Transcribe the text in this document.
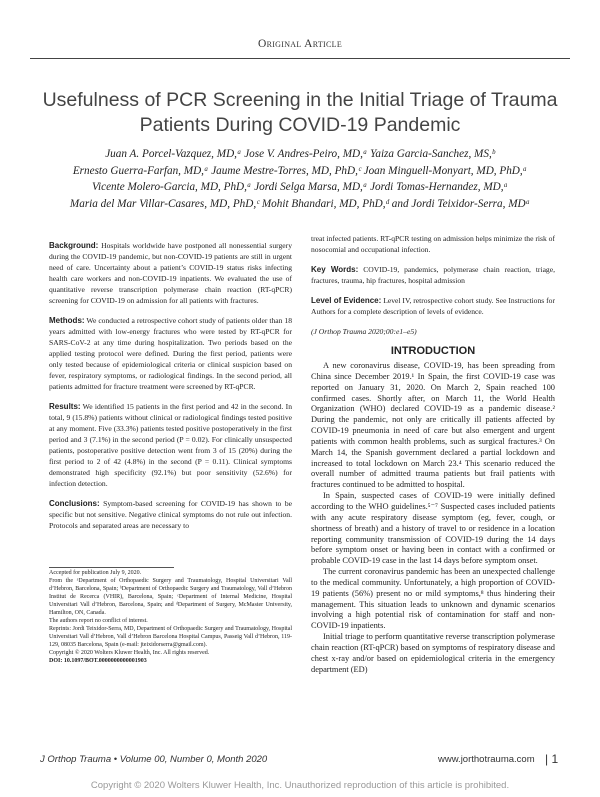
Original Article
Usefulness of PCR Screening in the Initial Triage of Trauma Patients During COVID-19 Pandemic
Juan A. Porcel-Vazquez, MD,ᵃ Jose V. Andres-Peiro, MD,ᵃ Yaiza Garcia-Sanchez, MS,ᵇ
Ernesto Guerra-Farfan, MD,ᵃ Jaume Mestre-Torres, MD, PhD,ᶜ Joan Minguell-Monyart, MD, PhD,ᵃ
Vicente Molero-Garcia, MD, PhD,ᵃ Jordi Selga Marsa, MD,ᵃ Jordi Tomas-Hernandez, MD,ᵃ
Maria del Mar Villar-Casares, MD, PhD,ᶜ Mohit Bhandari, MD, PhD,ᵈ and Jordi Teixidor-Serra, MDᵃ

Background: Hospitals worldwide have postponed all nonessential surgery during the COVID-19 pandemic, but non-COVID-19 patients are still in urgent need of care. Uncertainty about a patient’s COVID-19 status risks infecting health care workers and non-COVID-19 inpatients. We evaluated the use of quantitative reverse transcription polymerase chain reaction (RT-qPCR) screening for COVID-19 on admission for all patients with fractures.

Methods: We conducted a retrospective cohort study of patients older than 18 years admitted with low-energy fractures who were tested by RT-qPCR for SARS-CoV-2 at any time during hospitalization. Two periods based on the applied testing protocol were defined. During the first period, patients were only tested because of epidemiological criteria or clinical suspicion based on fever, respiratory symptoms, or radiological findings. In the second period, all patients admitted for fracture treatment were screened by RT-qPCR.

Results: We identified 15 patients in the first period and 42 in the second. In total, 9 (15.8%) patients without clinical or radiological findings tested positive at any moment. Five (33.3%) patients tested positive postoperatively in the first period and 3 (7.1%) in the second period (P = 0.02). For clinically unsuspected patients, postoperative positive detection went from 3 of 15 (20%) during the first period to 2 of 42 (4.8%) in the second (P = 0.11). Clinical symptoms demonstrated high specificity (92.1%) but poor sensitivity (52.6%) for infection detection.

Conclusions: Symptom-based screening for COVID-19 has shown to be specific but not sensitive. Negative clinical symptoms do not rule out infection. Protocols and separated areas are necessary to

Accepted for publication July 9, 2020.
From the ᵃDepartment of Orthopaedic Surgery and Traumatology, Hospital Universitari Vall d’Hebron, Barcelona, Spain; ᵇDepartment of Orthopaedic Surgery and Traumatology, Vall d’Hebron Institut de Recerca (VHIR), Barcelona, Spain; ᶜDepartment of Internal Medicine, Hospital Universitari Vall d’Hebron, Barcelona, Spain; and ᵈDepartment of Surgery, McMaster University, Hamilton, ON, Canada.
The authors report no conflict of interest.
Reprints: Jordi Teixidor-Serra, MD, Department of Orthopaedic Surgery and Traumatology, Hospital Universitari Vall d’Hebron, Vall d’Hebron Barcelona Hospital Campus, Passeig Vall d’Hebron, 119-129, 08035 Barcelona, Spain (e-mail: jteixidorserra@gmail.com).
Copyright © 2020 Wolters Kluwer Health, Inc. All rights reserved.
DOI: 10.1097/BOT.0000000000001903

treat infected patients. RT-qPCR testing on admission helps minimize the risk of nosocomial and occupational infection.

Key Words: COVID-19, pandemics, polymerase chain reaction, triage, fractures, trauma, hip fractures, hospital admission

Level of Evidence: Level IV, retrospective cohort study. See Instructions for Authors for a complete description of levels of evidence.

(J Orthop Trauma 2020;00:e1–e5)

INTRODUCTION

A new coronavirus disease, COVID-19, has been spreading from China since December 2019.¹ In Spain, the first COVID-19 case was reported on January 31, 2020. On March 2, Spain reached 100 confirmed cases. Shortly after, on March 11, the World Health Organization (WHO) declared COVID-19 as a pandemic disease.² During the pandemic, not only are critically ill patients affected by COVID-19 pneumonia in need of care but also emergent and urgent patients with common health problems, such as surgical fractures.³ On March 14, the Spanish government declared a partial lockdown and increased to total lockdown on March 23.⁴ This scenario reduced the overall number of admitted trauma patients but frail patients with fractures continued to be admitted to hospital.

In Spain, suspected cases of COVID-19 were initially defined according to the WHO guidelines.⁵⁻⁷ Suspected cases included patients with any acute respiratory disease symptom (eg, fever, cough, or shortness of breath) and a history of travel to or residence in a location reporting community transmission of COVID-19 during the 14 days before symptom onset or having been in contact with a confirmed or probable COVID-19 case in the last 14 days before symptom onset.

The current coronavirus pandemic has been an unexpected challenge to the medical community. Unfortunately, a high proportion of COVID-19 patients (56%) present no or mild symptoms,⁸ thus hindering their management. This situation leads to unknown and dynamic scenarios involving a high potential risk of contamination for staff and non-COVID-19 inpatients.

Initial triage to perform quantitative reverse transcription polymerase chain reaction (RT-qPCR) based on symptoms of respiratory disease and chest x-ray and/or based on epidemiological criteria in the emergency department (ED)

J Orthop Trauma • Volume 00, Number 0, Month 2020	www.jorthotrauma.com | 1
Copyright © 2020 Wolters Kluwer Health, Inc. Unauthorized reproduction of this article is prohibited.
